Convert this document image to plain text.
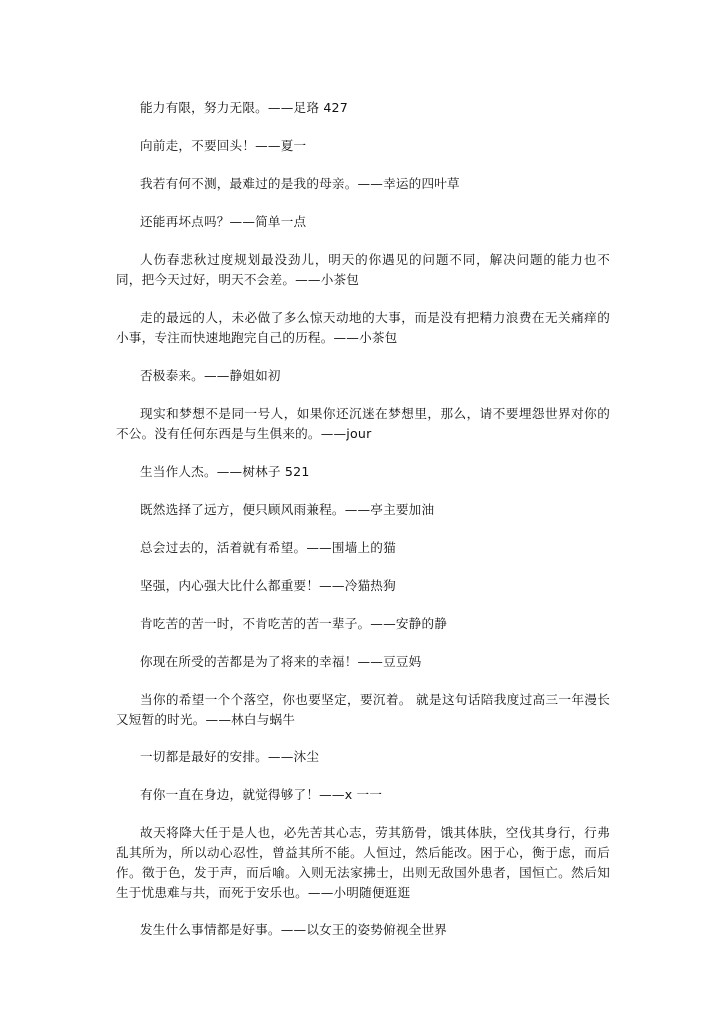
能力有限，努力无限。——足珞 427

向前走，不要回头！——夏一

我若有何不测，最难过的是我的母亲。——幸运的四叶草

还能再坏点吗？——简单一点

人伤春悲秋过度规划最没劲儿，明天的你遇见的问题不同，解决问题的能力也不同，把今天过好，明天不会差。——小茶包

走的最远的人，未必做了多么惊天动地的大事，而是没有把精力浪费在无关痛痒的小事，专注而快速地跑完自己的历程。——小茶包

否极泰来。——静姐如初

现实和梦想不是同一号人，如果你还沉迷在梦想里，那么，请不要埋怨世界对你的不公。没有任何东西是与生俱来的。——jour

生当作人杰。——树林子 521

既然选择了远方，便只顾风雨兼程。——亭主要加油

总会过去的，活着就有希望。——围墙上的猫

坚强，内心强大比什么都重要！——冷猫热狗

肯吃苦的苦一时，不肯吃苦的苦一辈子。——安静的静

你现在所受的苦都是为了将来的幸福！——豆豆妈

当你的希望一个个落空，你也要坚定，要沉着。 就是这句话陪我度过高三一年漫长又短暂的时光。——林白与蜗牛

一切都是最好的安排。——沐尘

有你一直在身边，就觉得够了！——x 一一

故天将降大任于是人也，必先苦其心志，劳其筋骨，饿其体肤，空伐其身行，行弗乱其所为，所以动心忍性，曾益其所不能。人恒过，然后能改。困于心，衡于虑，而后作。徵于色，发于声，而后喻。入则无法家拂士，出则无敌国外患者，国恒亡。然后知生于忧患难与共，而死于安乐也。——小明随便逛逛

发生什么事情都是好事。——以女王的姿势俯视全世界
